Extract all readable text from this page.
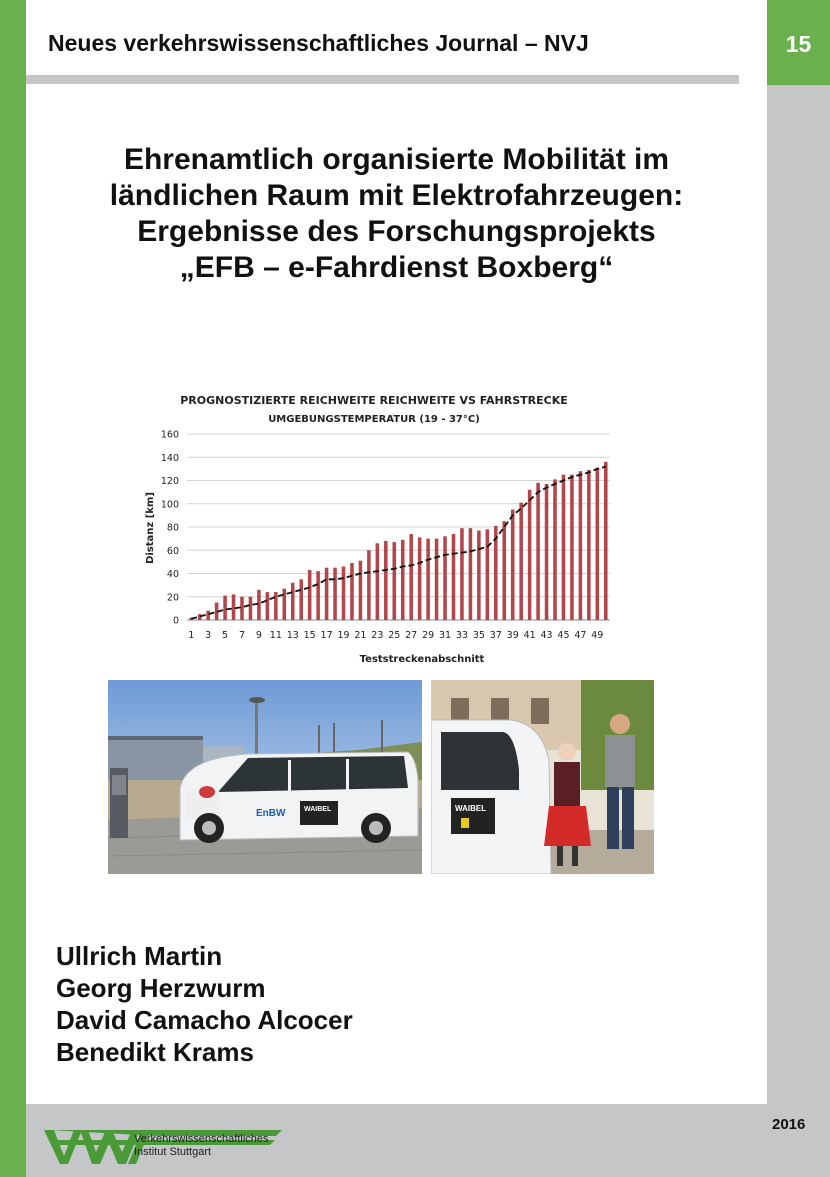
15
Neues verkehrswissenschaftliches Journal – NVJ
Ehrenamtlich organisierte Mobilität im
ländlichen Raum mit Elektrofahrzeugen:
Ergebnisse des Forschungsprojekts
„EFB – e-Fahrdienst Boxberg“
PROGNOSTIZIERTE REICHWEITE REICHWEITE VS FAHRSTRECKE
UMGEBUNGSTEMPERATUR (19 - 37°C)
Distanz [km]
Teststreckenabschnitt
0
20
40
60
80
100
120
140
160
1 3 5 7 9 11 13 15 17 19 21 23 25 27 29 31 33 35 37 39 41 43 45 47 49
EnBW	WAIBEL	WAIBEL
Ullrich Martin
Georg Herzwurm
David Camacho Alcocer
Benedikt Krams
2016
Verkehrswissenschaftliches
Institut Stuttgart
